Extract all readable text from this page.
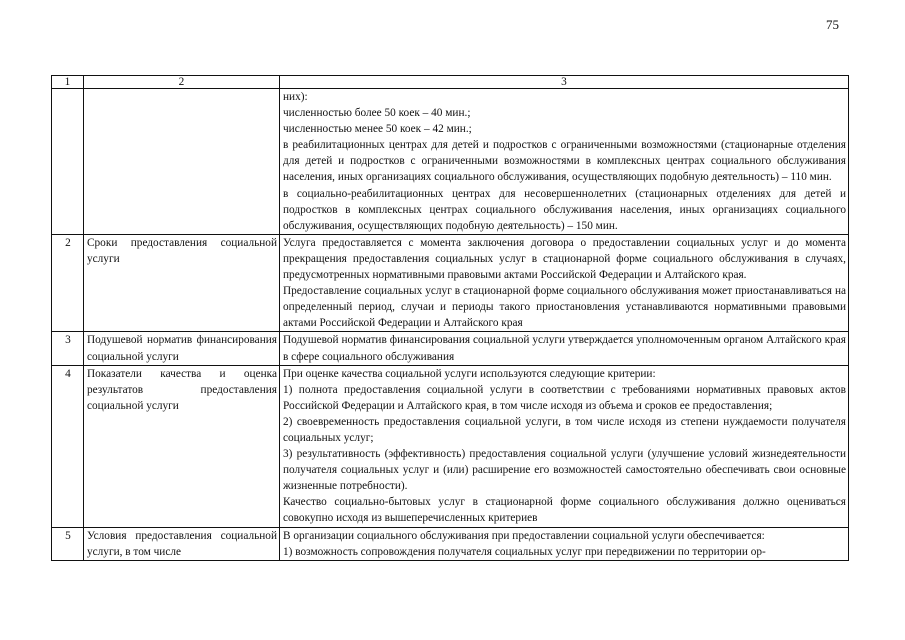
75
1	2	3

		них):
численностью более 50 коек – 40 мин.;
численностью менее 50 коек – 42 мин.;
в реабилитационных центрах для детей и подростков с ограниченными возможностями (стационарные отделения для детей и подростков с ограниченными возможностями в комплексных центрах социального обслуживания населения, иных организациях социального обслуживания, осуществляющих подобную деятельность) – 110 мин.
в социально-реабилитационных центрах для несовершеннолетних (стационарных отделениях для детей и подростков в комплексных центрах социального обслуживания населения, иных организациях социального обслуживания, осуществляющих подобную деятельность) – 150 мин.

2	Сроки предоставления социальной услуги	Услуга предоставляется с момента заключения договора о предоставлении социальных услуг и до момента прекращения предоставления социальных услуг в стационарной форме социального обслуживания в случаях, предусмотренных нормативными правовыми актами Российской Федерации и Алтайского края.
Предоставление социальных услуг в стационарной форме социального обслуживания может приостанавливаться на определенный период, случаи и периоды такого приостановления устанавливаются нормативными правовыми актами Российской Федерации и Алтайского края

3	Подушевой норматив финансирования социальной услуги	Подушевой норматив финансирования социальной услуги утверждается уполномоченным органом Алтайского края в сфере социального обслуживания

4	Показатели качества и оценка результатов предоставления социальной услуги	При оценке качества социальной услуги используются следующие критерии:
1) полнота предоставления социальной услуги в соответствии с требованиями нормативных правовых актов Российской Федерации и Алтайского края, в том числе исходя из объема и сроков ее предоставления;
2) своевременность предоставления социальной услуги, в том числе исходя из степени нуждаемости получателя социальных услуг;
3) результативность (эффективность) предоставления социальной услуги (улучшение условий жизнедеятельности получателя социальных услуг и (или) расширение его возможностей самостоятельно обеспечивать свои основные жизненные потребности).
Качество социально-бытовых услуг в стационарной форме социального обслуживания должно оцениваться совокупно исходя из вышеперечисленных критериев

5	Условия предоставления социальной услуги, в том числе	В организации социального обслуживания при предоставлении социальной услуги обеспечивается:
1) возможность сопровождения получателя социальных услуг при передвижении по территории ор-
